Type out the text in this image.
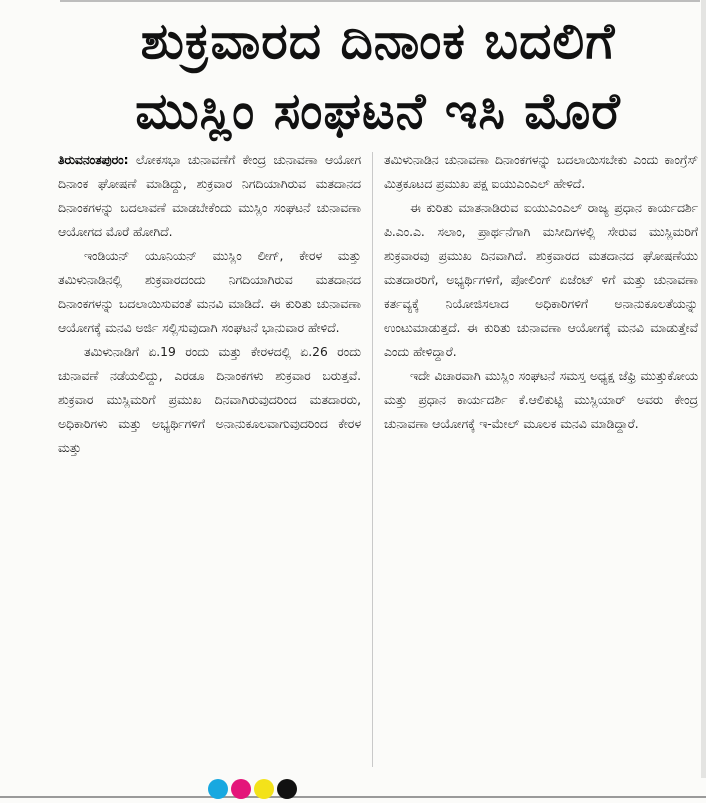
ಶುಕ್ರವಾರದ ದಿನಾಂಕ ಬದಲಿಗೆ
ಮುಸ್ಲಿಂ ಸಂಘಟನೆ ಇಸಿ ಮೊರೆ

ತಿರುವನಂತಪುರಂ: ಲೋಕಸಭಾ ಚುನಾವಣೆಗೆ ಕೇಂದ್ರ ಚುನಾವಣಾ ಆಯೋಗ ದಿನಾಂಕ ಘೋಷಣೆ ಮಾಡಿದ್ದು, ಶುಕ್ರವಾರ ನಿಗದಿಯಾಗಿರುವ ಮತದಾನದ ದಿನಾಂಕಗಳನ್ನು ಬದಲಾವಣೆ ಮಾಡಬೇಕೆಂದು ಮುಸ್ಲಿಂ ಸಂಘಟನೆ ಚುನಾವಣಾ ಆಯೋಗದ ಮೊರೆ ಹೋಗಿದೆ.

ಇಂಡಿಯನ್ ಯೂನಿಯನ್ ಮುಸ್ಲಿಂ ಲೀಗ್, ಕೇರಳ ಮತ್ತು ತಮಿಳುನಾಡಿನಲ್ಲಿ ಶುಕ್ರವಾರದಂದು ನಿಗದಿಯಾಗಿರುವ ಮತದಾನದ ದಿನಾಂಕಗಳನ್ನು ಬದಲಾಯಿಸುವಂತೆ ಮನವಿ ಮಾಡಿದೆ. ಈ ಕುರಿತು ಚುನಾವಣಾ ಆಯೋಗಕ್ಕೆ ಮನವಿ ಅರ್ಜಿ ಸಲ್ಲಿಸುವುದಾಗಿ ಸಂಘಟನೆ ಭಾನುವಾರ ಹೇಳಿದೆ.

ತಮಿಳುನಾಡಿಗೆ ಏ.19 ರಂದು ಮತ್ತು ಕೇರಳದಲ್ಲಿ ಏ.26 ರಂದು ಚುನಾವಣೆ ನಡೆಯಲಿದ್ದು, ಎರಡೂ ದಿನಾಂಕಗಳು ಶುಕ್ರವಾರ ಬರುತ್ತವೆ. ಶುಕ್ರವಾರ ಮುಸ್ಲಿಮರಿಗೆ ಪ್ರಮುಖ ದಿನವಾಗಿರುವುದರಿಂದ ಮತದಾರರು, ಅಧಿಕಾರಿಗಳು ಮತ್ತು ಅಭ್ಯರ್ಥಿಗಳಿಗೆ ಅನಾನುಕೂಲವಾಗುವುದರಿಂದ ಕೇರಳ ಮತ್ತು

ತಮಿಳುನಾಡಿನ ಚುನಾವಣಾ ದಿನಾಂಕಗಳನ್ನು ಬದಲಾಯಿಸಬೇಕು ಎಂದು ಕಾಂಗ್ರೆಸ್ ಮಿತ್ರಕೂಟದ ಪ್ರಮುಖ ಪಕ್ಷ ಐಯುಎಂಎಲ್ ಹೇಳಿದೆ.

ಈ ಕುರಿತು ಮಾತನಾಡಿರುವ ಐಯುಎಂಎಲ್ ರಾಜ್ಯ ಪ್ರಧಾನ ಕಾರ್ಯದರ್ಶಿ ಪಿ.ಎಂ.ಎ. ಸಲಾಂ, ಪ್ರಾರ್ಥನೆಗಾಗಿ ಮಸೀದಿಗಳಲ್ಲಿ ಸೇರುವ ಮುಸ್ಲಿಮರಿಗೆ ಶುಕ್ರವಾರವು ಪ್ರಮುಖ ದಿನವಾಗಿದೆ. ಶುಕ್ರವಾರದ ಮತದಾನದ ಘೋಷಣೆಯು ಮತದಾರರಿಗೆ, ಅಭ್ಯರ್ಥಿಗಳಿಗೆ, ಪೋಲಿಂಗ್ ಏಜೆಂಟ್ ಳಿಗೆ ಮತ್ತು ಚುನಾವಣಾ ಕರ್ತವ್ಯಕ್ಕೆ ನಿಯೋಜಿಸಲಾದ ಅಧಿಕಾರಿಗಳಿಗೆ ಅನಾನುಕೂಲತೆಯನ್ನು ಉಂಟುಮಾಡುತ್ತದೆ. ಈ ಕುರಿತು ಚುನಾವಣಾ ಆಯೋಗಕ್ಕೆ ಮನವಿ ಮಾಡುತ್ತೇವೆ ಎಂದು ಹೇಳಿದ್ದಾರೆ.

ಇದೇ ವಿಚಾರವಾಗಿ ಮುಸ್ಲಿಂ ಸಂಘಟನೆ ಸಮಸ್ತ ಅಧ್ಯಕ್ಷ ಜೆಫ್ರಿ ಮುತ್ತುಕೋಯ ಮತ್ತು ಪ್ರಧಾನ ಕಾರ್ಯದರ್ಶಿ ಕೆ.ಆಲಿಕುಟ್ಟಿ ಮುಸ್ಲಿಯಾರ್ ಅವರು ಕೇಂದ್ರ ಚುನಾವಣಾ ಆಯೋಗಕ್ಕೆ ಇ-ಮೇಲ್ ಮೂಲಕ ಮನವಿ ಮಾಡಿದ್ದಾರೆ.
